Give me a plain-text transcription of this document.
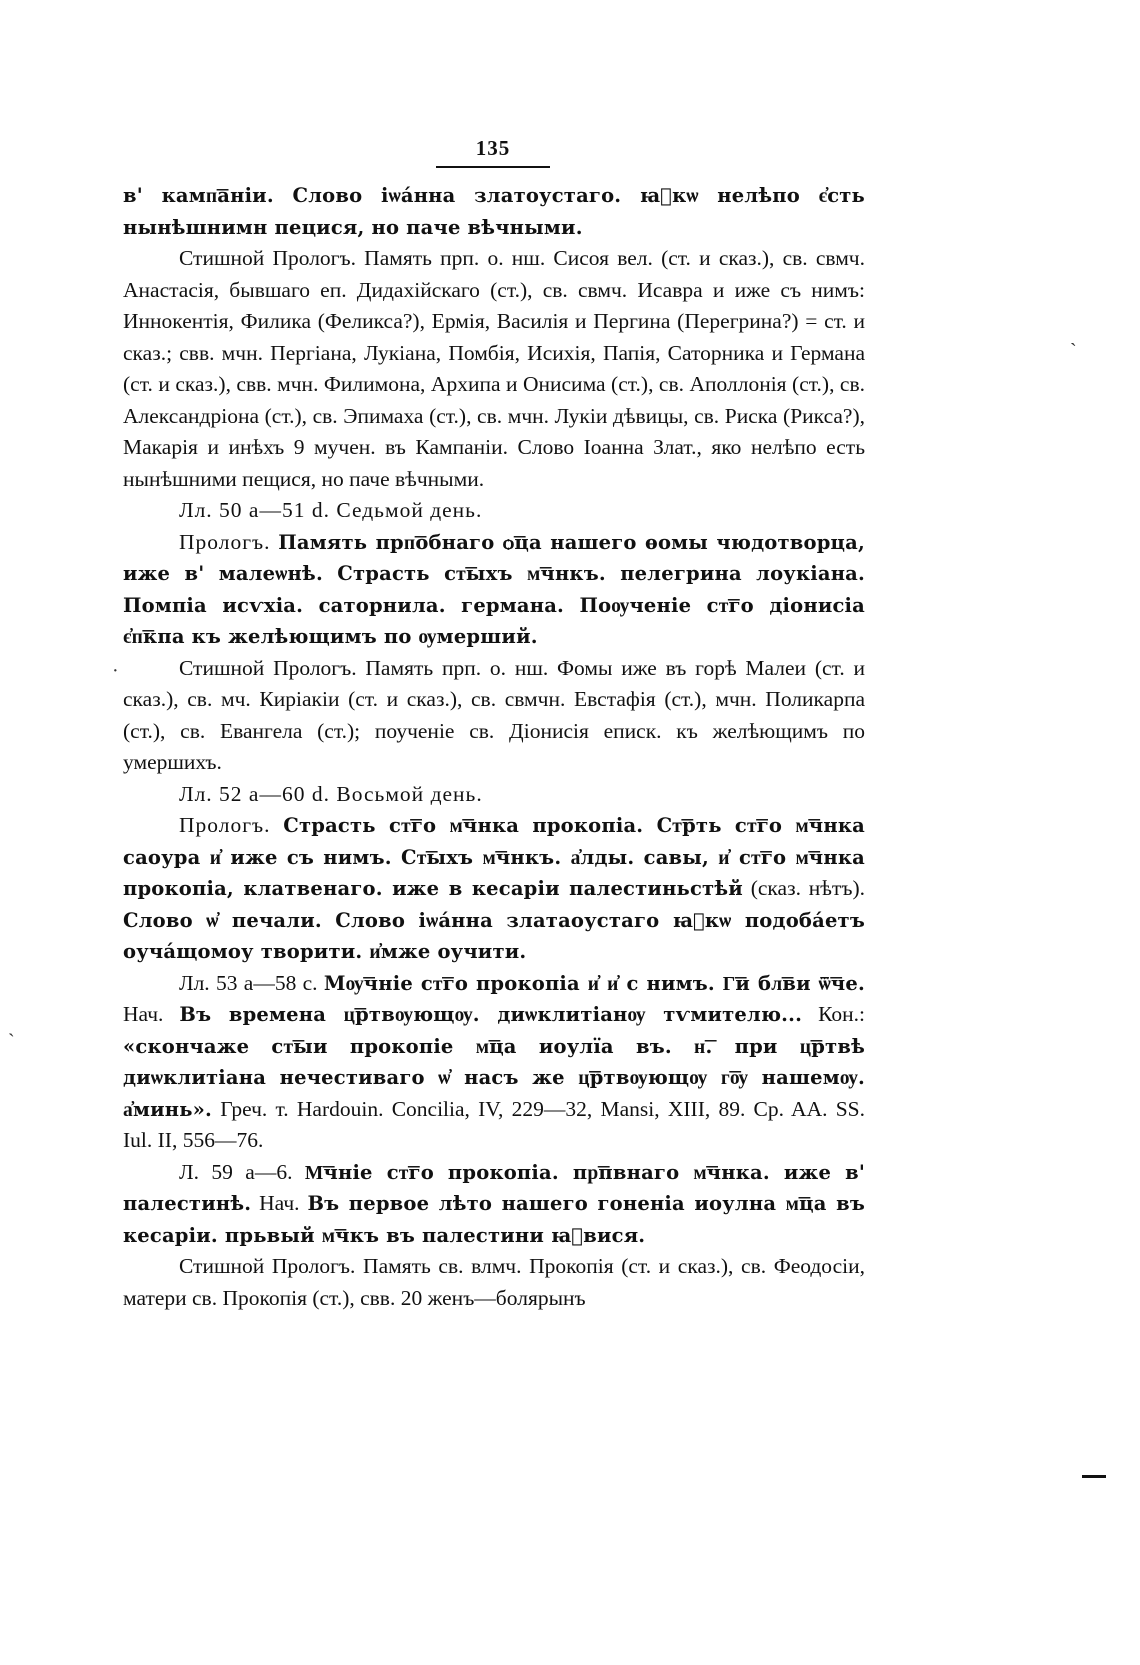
135

в' камп͞аніи. Слово іѡа́нна златоустаго. ꙗ҆кѡ нелѣпо є҆сть нынѣшнимн пецися, но паче вѣчными.

Стишной Прологъ. Память прп. о. нш. Сисоя вел. (ст. и сказ.), св. свмч. Анастасія, бывшаго еп. Дидахійскаго (ст.), св. свмч. Исавра и иже съ нимъ: Иннокентія, Филика (Феликса?), Ермія, Василія и Пергина (Перегрина?) = ст. и сказ.; свв. мчн. Пергіана, Лукіана, Помбія, Исихія, Папія, Саторника и Германа (ст. и сказ.), свв. мчн. Филимона, Архипа и Онисима (ст.), св. Аполлонія (ст.), св. Александріона (ст.), св. Эпимаха (ст.), св. мчн. Лукіи дѣвицы, св. Риска (Рикса?), Макарія и инѣхъ 9 мучен. въ Кампаніи. Слово Іоанна Злат., яко нелѣпо есть нынѣшними пещися, но паче вѣчными.

Лл. 50 a—51 d. Седьмой день.

Прологъ. Память прп͞обнаго ѻ͞ца нашего ѳомы чюдотворца, иже в' малеѡнѣ. Страсть ст͞ыхъ м͞чнкъ. пелегрина лоукіана. Помпіа исѵхіа. саторнила. германа. Поѹченіе ст͞го діонисіа є҆п͞кпа къ желѣющимъ по ѹмерший.

Стишной Прологъ. Память прп. о. нш. Фомы иже въ горѣ Малеи (ст. и сказ.), св. мч. Киріакіи (ст. и сказ.), св. свмчн. Евстафія (ст.), мчн. Поликарпа (ст.), св. Евангела (ст.); поученіе св. Діонисія еписк. къ желѣющимъ по умершихъ.

Лл. 52 a—60 d. Восьмой день.

Прологъ. Страсть ст͞го м͞чнка прокопіа. Ст͞рть ст͞го м͞чнка саоура и҆ иже съ нимъ. Ст͞ыхъ м͞чнкъ. а҆лды. савы, и҆ ст͞го м͞чнка прокопіа, клатвенаго. иже в кесаріи палестиньстѣй (сказ. нѣтъ). Слово ѡ҆ печали. Слово іѡа́нна златаоустаго ꙗ҆кѡ подоба́етъ оуча́щомоу творити. и҆мже оучити.

Лл. 53 a—58 c. Мѹ͞чніе ст͞го прокопіа и҆ и҆ с нимъ. Г͞и бл͞ви ѿ͞че. Нач. Въ времена ц͞ртвѹющѹ. диѡклитіанѹ тѵмителю... Кон.: «скончаже ст͞ыи прокопіе м͞ца иоулїа въ. н͞. при ц͞ртвѣ диѡклитіана нечестиваго ѡ҆ насъ же ц͞ртвѹющѹ г͞ѹ нашемѹ. а҆минь». Греч. т. Hardouin. Concilia, IV, 229—32, Mansi, XIII, 89. Cp. AA. SS. Iul. II, 556—76.

Л. 59 a—6. М͞чніе ст͞го прокопіа. пр͞пвнаго м͞чнка. иже в' палестинѣ. Нач. Въ первое лѣто нашего гоненіа иоулна м͞ца въ кесаріи. прьвый м͞чкъ въ палестини ꙗ҆вися.

Стишной Прологъ. Память св. влмч. Прокопія (ст. и сказ.), св. Феодосіи, матери св. Прокопія (ст.), свв. 20 женъ—болярынъ

·
ˋ
ˎ
